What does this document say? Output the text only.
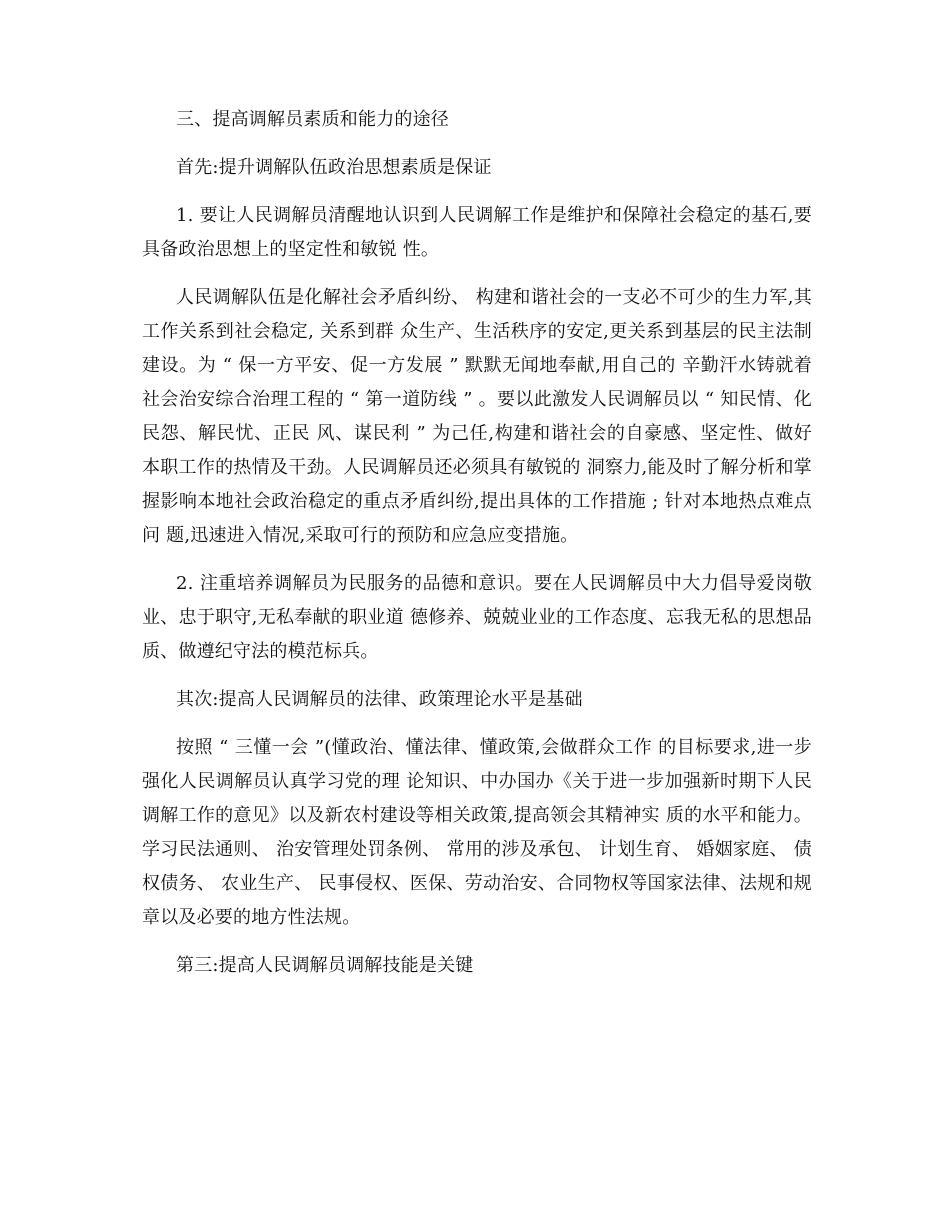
三、提高调解员素质和能力的途径

首先:提升调解队伍政治思想素质是保证

1. 要让人民调解员清醒地认识到人民调解工作是维护和保障社会稳定的基石,要具备政治思想上的坚定性和敏锐 性。

人民调解队伍是化解社会矛盾纠纷、 构建和谐社会的一支必不可少的生力军,其工作关系到社会稳定, 关系到群 众生产、生活秩序的安定,更关系到基层的民主法制建设。为 “ 保一方平安、促一方发展 ” 默默无闻地奉献,用自己的 辛勤汗水铸就着社会治安综合治理工程的 “ 第一道防线 ” 。要以此激发人民调解员以 “ 知民情、化民怨、解民忧、正民 风、谋民利 ” 为己任,构建和谐社会的自豪感、坚定性、做好本职工作的热情及干劲。人民调解员还必须具有敏锐的 洞察力,能及时了解分析和掌握影响本地社会政治稳定的重点矛盾纠纷,提出具体的工作措施 ; 针对本地热点难点问 题,迅速进入情况,采取可行的预防和应急应变措施。

2. 注重培养调解员为民服务的品德和意识。要在人民调解员中大力倡导爱岗敬业、忠于职守,无私奉献的职业道 德修养、兢兢业业的工作态度、忘我无私的思想品质、做遵纪守法的模范标兵。

其次:提高人民调解员的法律、政策理论水平是基础

按照 “ 三懂一会 ”(懂政治、懂法律、懂政策,会做群众工作 的目标要求,进一步强化人民调解员认真学习党的理 论知识、中办国办《关于进一步加强新时期下人民调解工作的意见》以及新农村建设等相关政策,提高领会其精神实 质的水平和能力。 学习民法通则、 治安管理处罚条例、 常用的涉及承包、 计划生育、 婚姻家庭、 债权债务、 农业生产、 民事侵权、医保、劳动治安、合同物权等国家法律、法规和规章以及必要的地方性法规。

第三:提高人民调解员调解技能是关键
